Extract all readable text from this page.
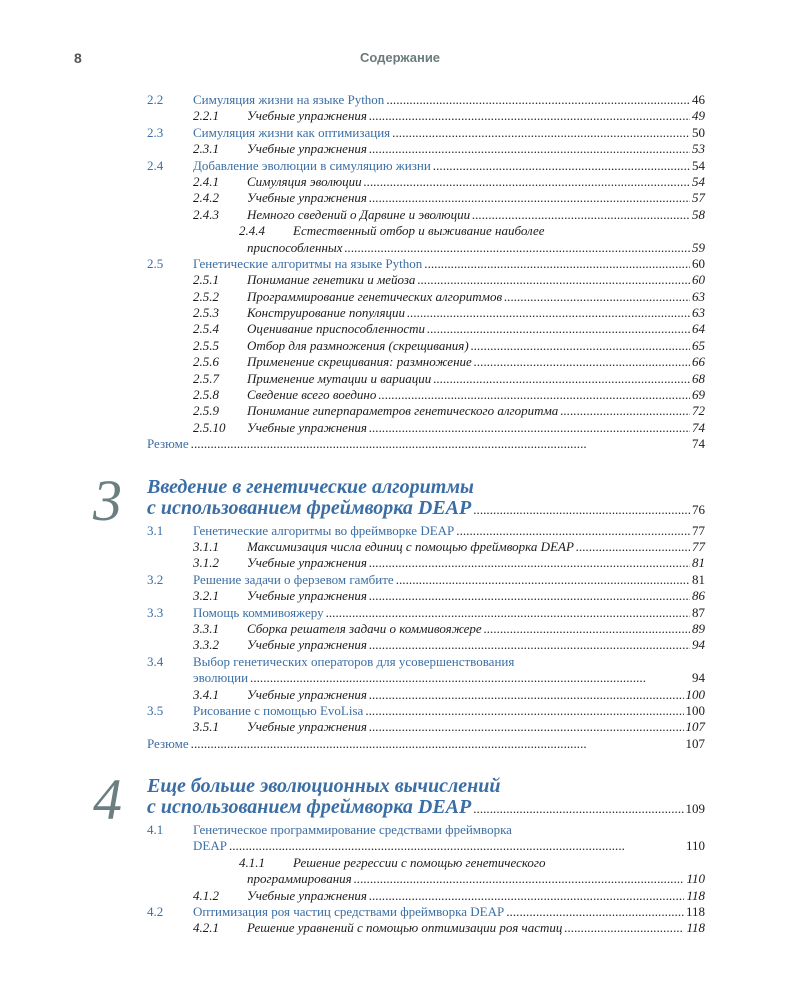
8	Содержание
2.2	Симуляция жизни на языке Python . . .	46
2.2.1	Учебные упражнения . . .	49
2.3	Симуляция жизни как оптимизация . . .	50
2.3.1	Учебные упражнения . . .	53
2.4	Добавление эволюции в симуляцию жизни . . .	54
2.4.1	Симуляция эволюции . . .	54
2.4.2	Учебные упражнения . . .	57
2.4.3	Немного сведений о Дарвине и эволюции . . .	58
2.4.4	Естественный отбор и выживание наиболее
приспособленных . . .	59
2.5	Генетические алгоритмы на языке Python . . .	60
2.5.1	Понимание генетики и мейоза . . .	60
2.5.2	Программирование генетических алгоритмов . . .	63
2.5.3	Конструирование популяции . . .	63
2.5.4	Оценивание приспособленности . . .	64
2.5.5	Отбор для размножения (скрещивания) . . .	65
2.5.6	Применение скрещивания: размножение . . .	66
2.5.7	Применение мутации и вариации . . .	68
2.5.8	Сведение всего воедино . . .	69
2.5.9	Понимание гиперпараметров генетического алгоритма . . .	72
2.5.10	Учебные упражнения . . .	74
Резюме . . .	74
3 Введение в генетические алгоритмы
с использованием фреймворка DEAP . . .	76
3.1	Генетические алгоритмы во фреймворке DEAP . . .	77
3.1.1	Максимизация числа единиц с помощью фреймворка DEAP . . .	77
3.1.2	Учебные упражнения . . .	81
3.2	Решение задачи о ферзевом гамбите . . .	81
3.2.1	Учебные упражнения . . .	86
3.3	Помощь коммивояжеру . . .	87
3.3.1	Сборка решателя задачи о коммивояжере . . .	89
3.3.2	Учебные упражнения . . .	94
3.4	Выбор генетических операторов для усовершенствования
эволюции . . .	94
3.4.1	Учебные упражнения . . .	100
3.5	Рисование с помощью EvoLisa . . .	100
3.5.1	Учебные упражнения . . .	107
Резюме . . .	107
4 Еще больше эволюционных вычислений
с использованием фреймворка DEAP . . .	109
4.1	Генетическое программирование средствами фреймворка
DEAP . . .	110
4.1.1	Решение регрессии с помощью генетического
программирования . . .	110
4.1.2	Учебные упражнения . . .	118
4.2	Оптимизация роя частиц средствами фреймворка DEAP . . .	118
4.2.1	Решение уравнений с помощью оптимизации роя частиц . . .	118
